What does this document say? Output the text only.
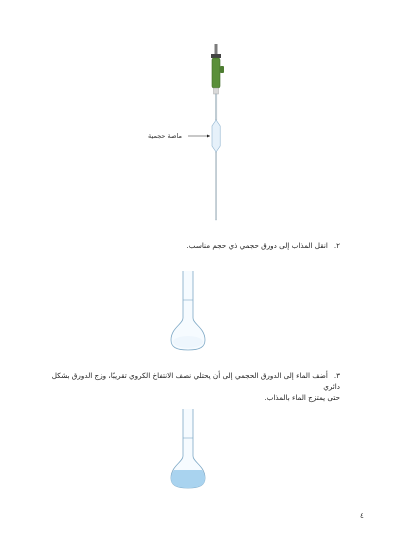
ماصة حجمية
٢.انقل المذاب إلى دورق حجمي ذي حجم مناسب.
٣.أضف الماء إلى الدورق الحجمي إلى أن يحتلي نصف الانتفاخ الكروي تقريبًا، وزج الدورق بشكل دائري
حتى يمتزج الماء بالمذاب.
٤
